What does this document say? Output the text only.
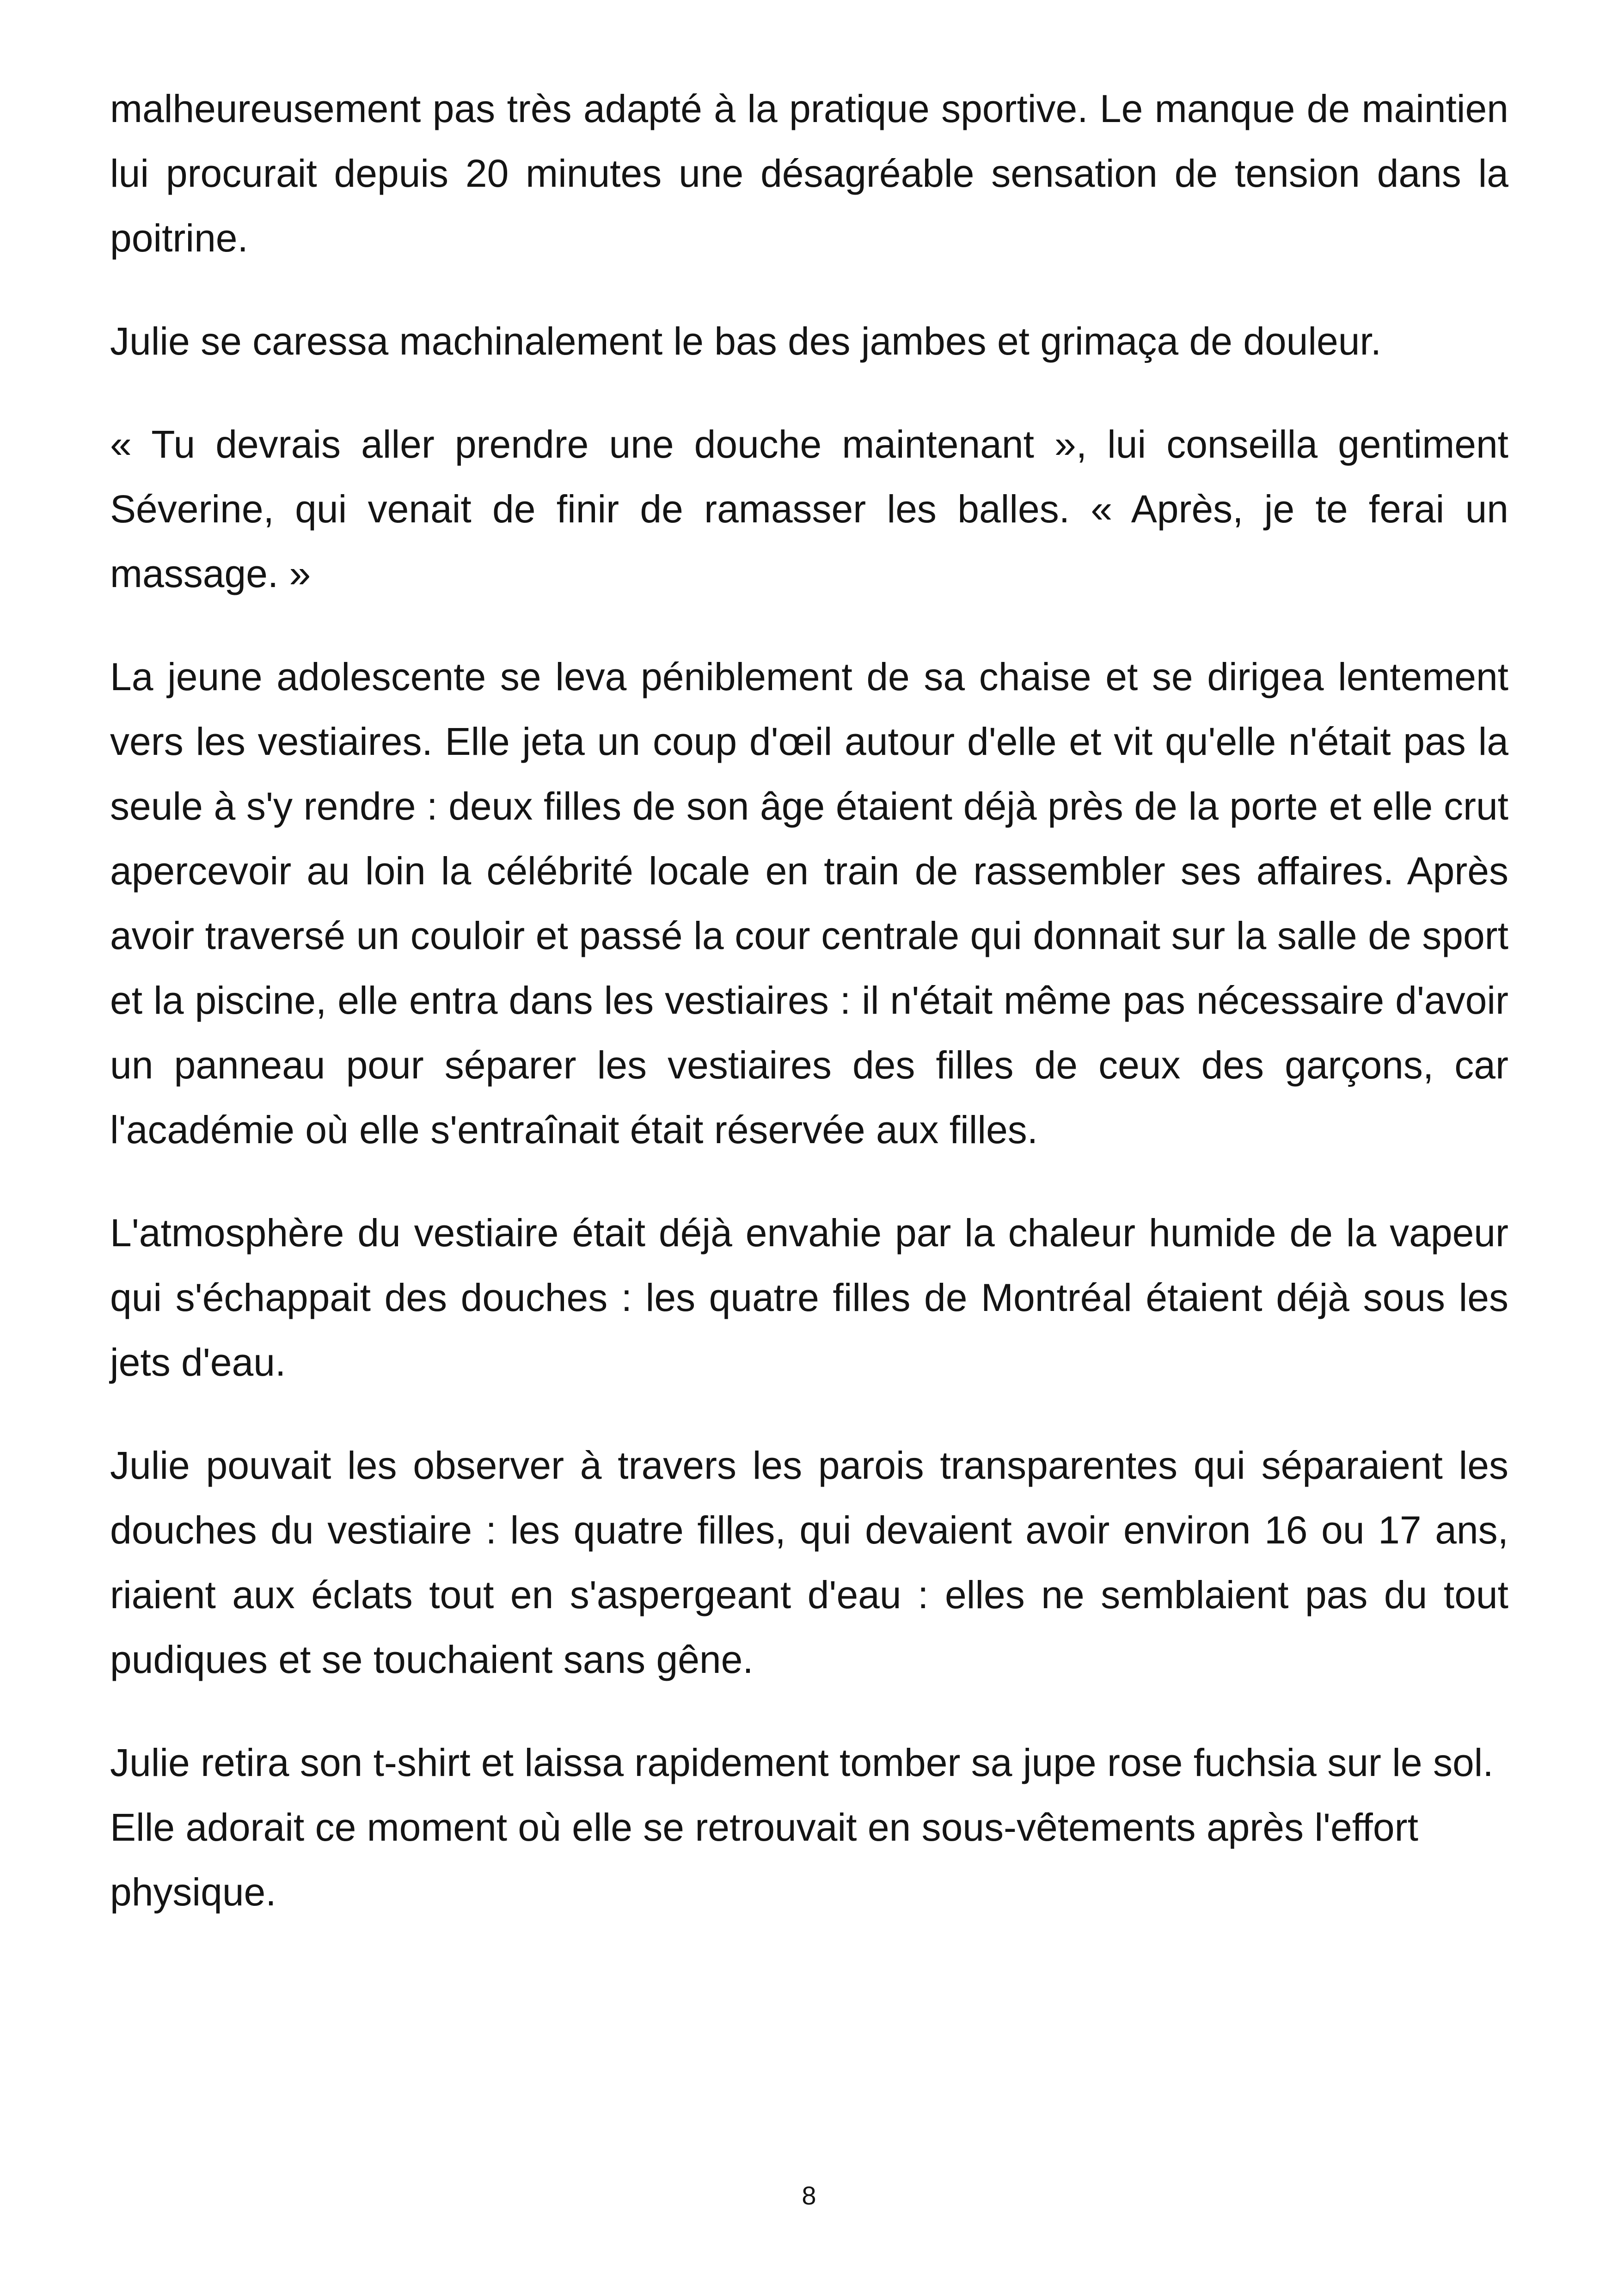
malheureusement pas très adapté à la pratique sportive. Le manque de maintien lui procurait depuis 20 minutes une désagréable sensation de tension dans la poitrine.

Julie se caressa machinalement le bas des jambes et grimaça de douleur.

« Tu devrais aller prendre une douche maintenant », lui conseilla gentiment Séverine, qui venait de finir de ramasser les balles. « Après, je te ferai un massage. »

La jeune adolescente se leva péniblement de sa chaise et se dirigea lentement vers les vestiaires. Elle jeta un coup d'œil autour d'elle et vit qu'elle n'était pas la seule à s'y rendre : deux filles de son âge étaient déjà près de la porte et elle crut apercevoir au loin la célébrité locale en train de rassembler ses affaires. Après avoir traversé un couloir et passé la cour centrale qui donnait sur la salle de sport et la piscine, elle entra dans les vestiaires : il n'était même pas nécessaire d'avoir un panneau pour séparer les vestiaires des filles de ceux des garçons, car l'académie où elle s'entraînait était réservée aux filles.

L'atmosphère du vestiaire était déjà envahie par la chaleur humide de la vapeur qui s'échappait des douches : les quatre filles de Montréal étaient déjà sous les jets d'eau.

Julie pouvait les observer à travers les parois transparentes qui séparaient les douches du vestiaire : les quatre filles, qui devaient avoir environ 16 ou 17 ans, riaient aux éclats tout en s'aspergeant d'eau : elles ne semblaient pas du tout pudiques et se touchaient sans gêne.

Julie retira son t-shirt et laissa rapidement tomber sa jupe rose fuchsia sur le sol. Elle adorait ce moment où elle se retrouvait en sous-vêtements après l'effort physique.

8
